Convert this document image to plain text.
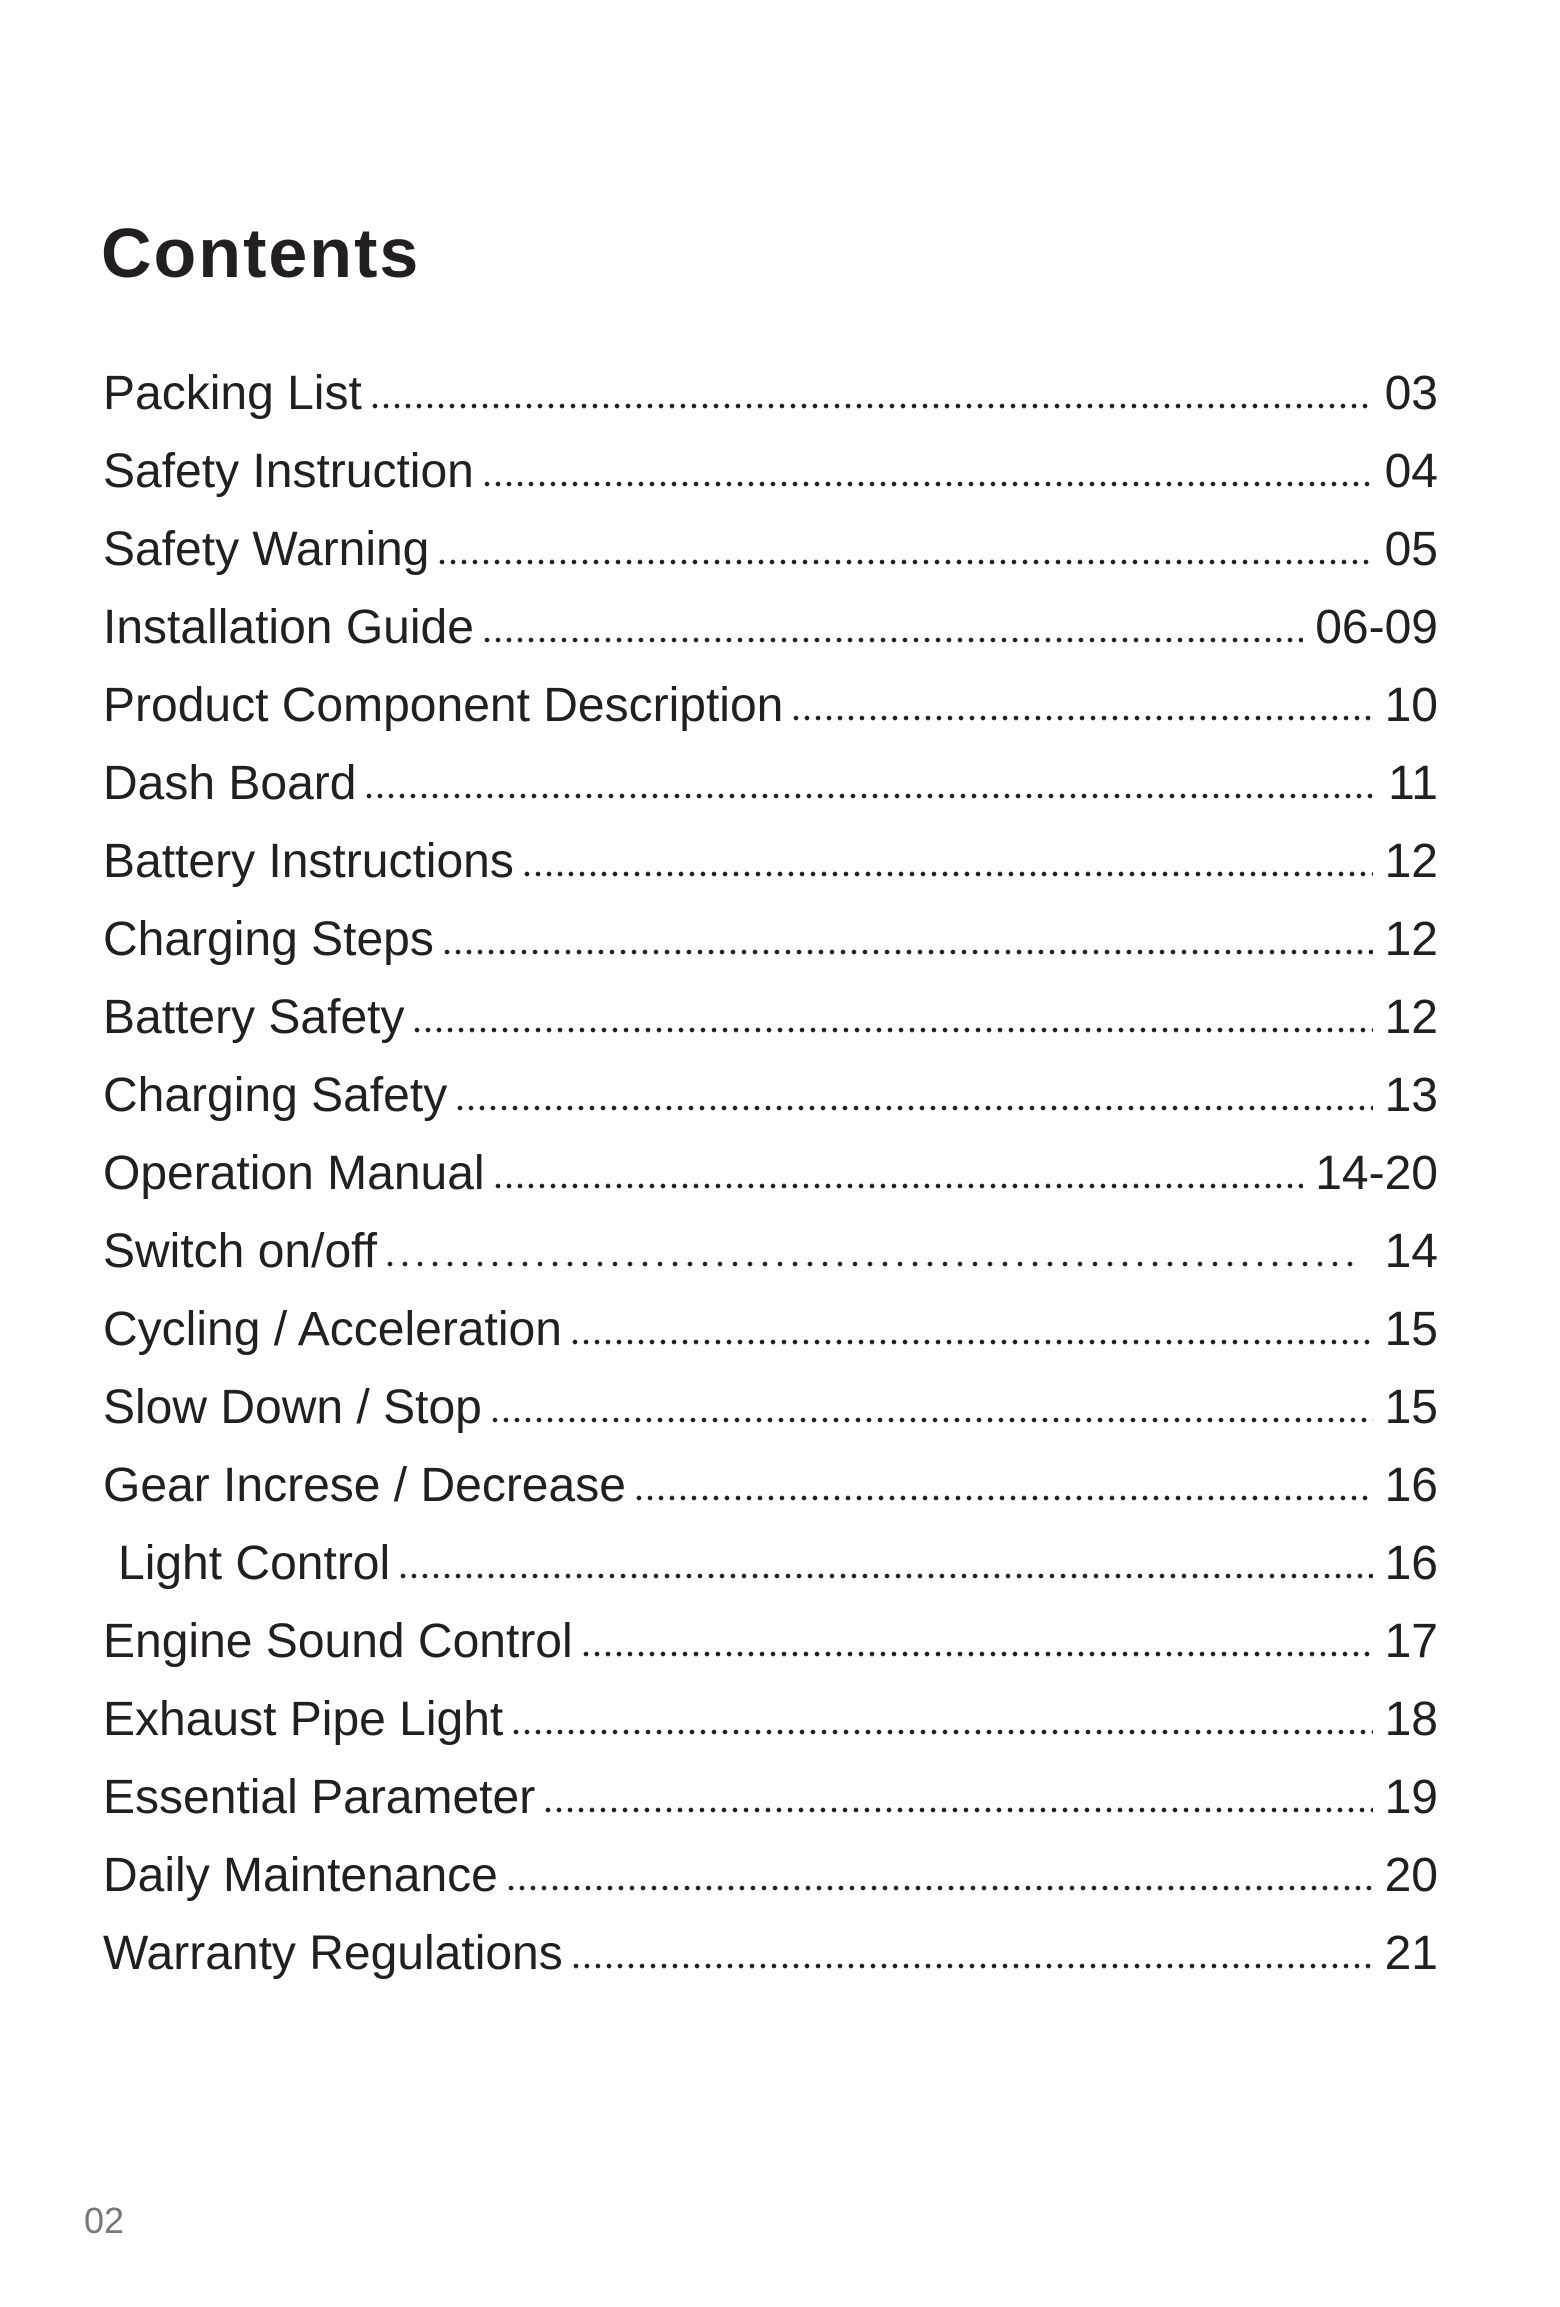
Contents
Packing List	03
Safety Instruction	04
Safety Warning	05
Installation Guide	06-09
Product Component Description	10
Dash Board	11
Battery Instructions	12
Charging Steps	12
Battery Safety	12
Charging Safety	13
Operation Manual	14-20
Switch on/off	14
Cycling / Acceleration	15
Slow Down / Stop	15
Gear Increse / Decrease	16
Light Control	16
Engine Sound Control	17
Exhaust Pipe Light	18
Essential Parameter	19
Daily Maintenance	20
Warranty Regulations	21
02
